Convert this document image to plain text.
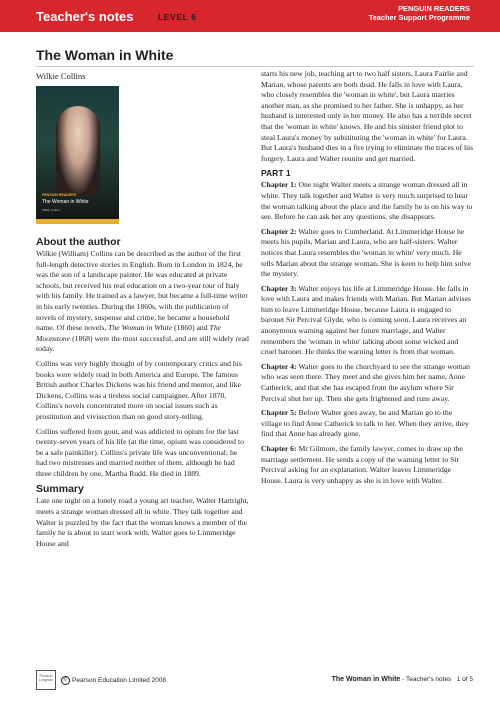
Teacher's notes	LEVEL 6
PENGUIN READERS
Teacher Support Programme
The Woman in White
Wilkie Collins
PENGUIN READERS
The Woman in White
Wilkie Collins
About the author

Wilkie (William) Collins can be described as the author of the first full-length detective stories in English. Born in London in 1824, he was the son of a landscape painter. He was educated at private schools, but received his real education on a two-year tour of Italy with his family. He trained as a lawyer, but became a full-time writer in his early twenties. During the 1860s, with the publication of novels of mystery, suspense and crime, he became a household name. Of these novels, The Woman in White (1860) and The Moonstone (1868) were the most successful, and are still widely read today.

Collins was very highly thought of by contemporary critics and his books were widely read in both America and Europe. The famous British author Charles Dickens was his friend and mentor, and like Dickens, Collins was a tireless social campaigner. After 1870, Collins's novels concentrated more on social issues such as prostitution and vivisection than on good story-telling.

Collins suffered from gout, and was addicted to opium for the last twenty-seven years of his life (at the time, opium was considered to be a safe painkiller). Collins's private life was unconventional; he had two mistresses and married neither of them, although he had three children by one, Martha Rudd. He died in 1889.

Summary

Late one night on a lonely road a young art teacher, Walter Hartright, meets a strange woman dressed all in white. They talk together and Walter is puzzled by the fact that the woman knows a member of the family he is about to start work with. Walter goes to Limmeridge House and

starts his new job, teaching art to two half sisters, Laura Fairlie and Marian, whose parents are both dead. He falls in love with Laura, who closely resembles the 'woman in white', but Laura marries another man, as she promised to her father. She is unhappy, as her husband is interested only in her money. He also has a terrible secret that the 'woman in white' knows. He and his sinister friend plot to steal Laura's money by substituting the 'woman in white' for Laura. But Laura's husband dies in a fire trying to eliminate the traces of his forgery. Laura and Walter reunite and get married.

PART 1

Chapter 1: One night Walter meets a strange woman dressed all in white. They talk together and Walter is very much surprised to hear the woman talking about the place and the family he is on his way to see. Before he can ask her any questions, she disappears.

Chapter 2: Walter goes to Cumberland. At Limmeridge House he meets his pupils, Marian and Laura, who are half-sisters. Walter notices that Laura resembles the 'woman in white' very much. He tells Marian about the strange woman. She is keen to help him solve the mystery.

Chapter 3: Walter enjoys his life at Limmeridge House. He falls in love with Laura and makes friends with Marian. But Marian advises him to leave Limmeridge House, because Laura is engaged to baronet Sir Percival Glyde, who is coming soon. Laura receives an anonymous warning against her future marriage, and Walter remembers the 'woman in white' talking about some wicked and cruel baronet. He thinks the warning letter is from that woman.

Chapter 4: Walter goes to the churchyard to see the strange woman who was seen there. They meet and she gives him her name, Anne Catherick, and that she has escaped from the asylum where Sir Percival shut her up. Then she gets frightened and runs away.

Chapter 5: Before Walter goes away, he and Marian go to the village to find Anne Catherick to talk to her. When they arrive, they find that Anne has already gone.

Chapter 6: Mr Gilmore, the family lawyer, comes to draw up the marriage settlement. He sends a copy of the warning letter to Sir Percival asking for an explanation. Walter leaves Limmeridge House. Laura is very unhappy as she is in love with Walter.

Pearson Longman	© Pearson Education Limited 2008	The Woman in White - Teacher's notes 1 of 5
